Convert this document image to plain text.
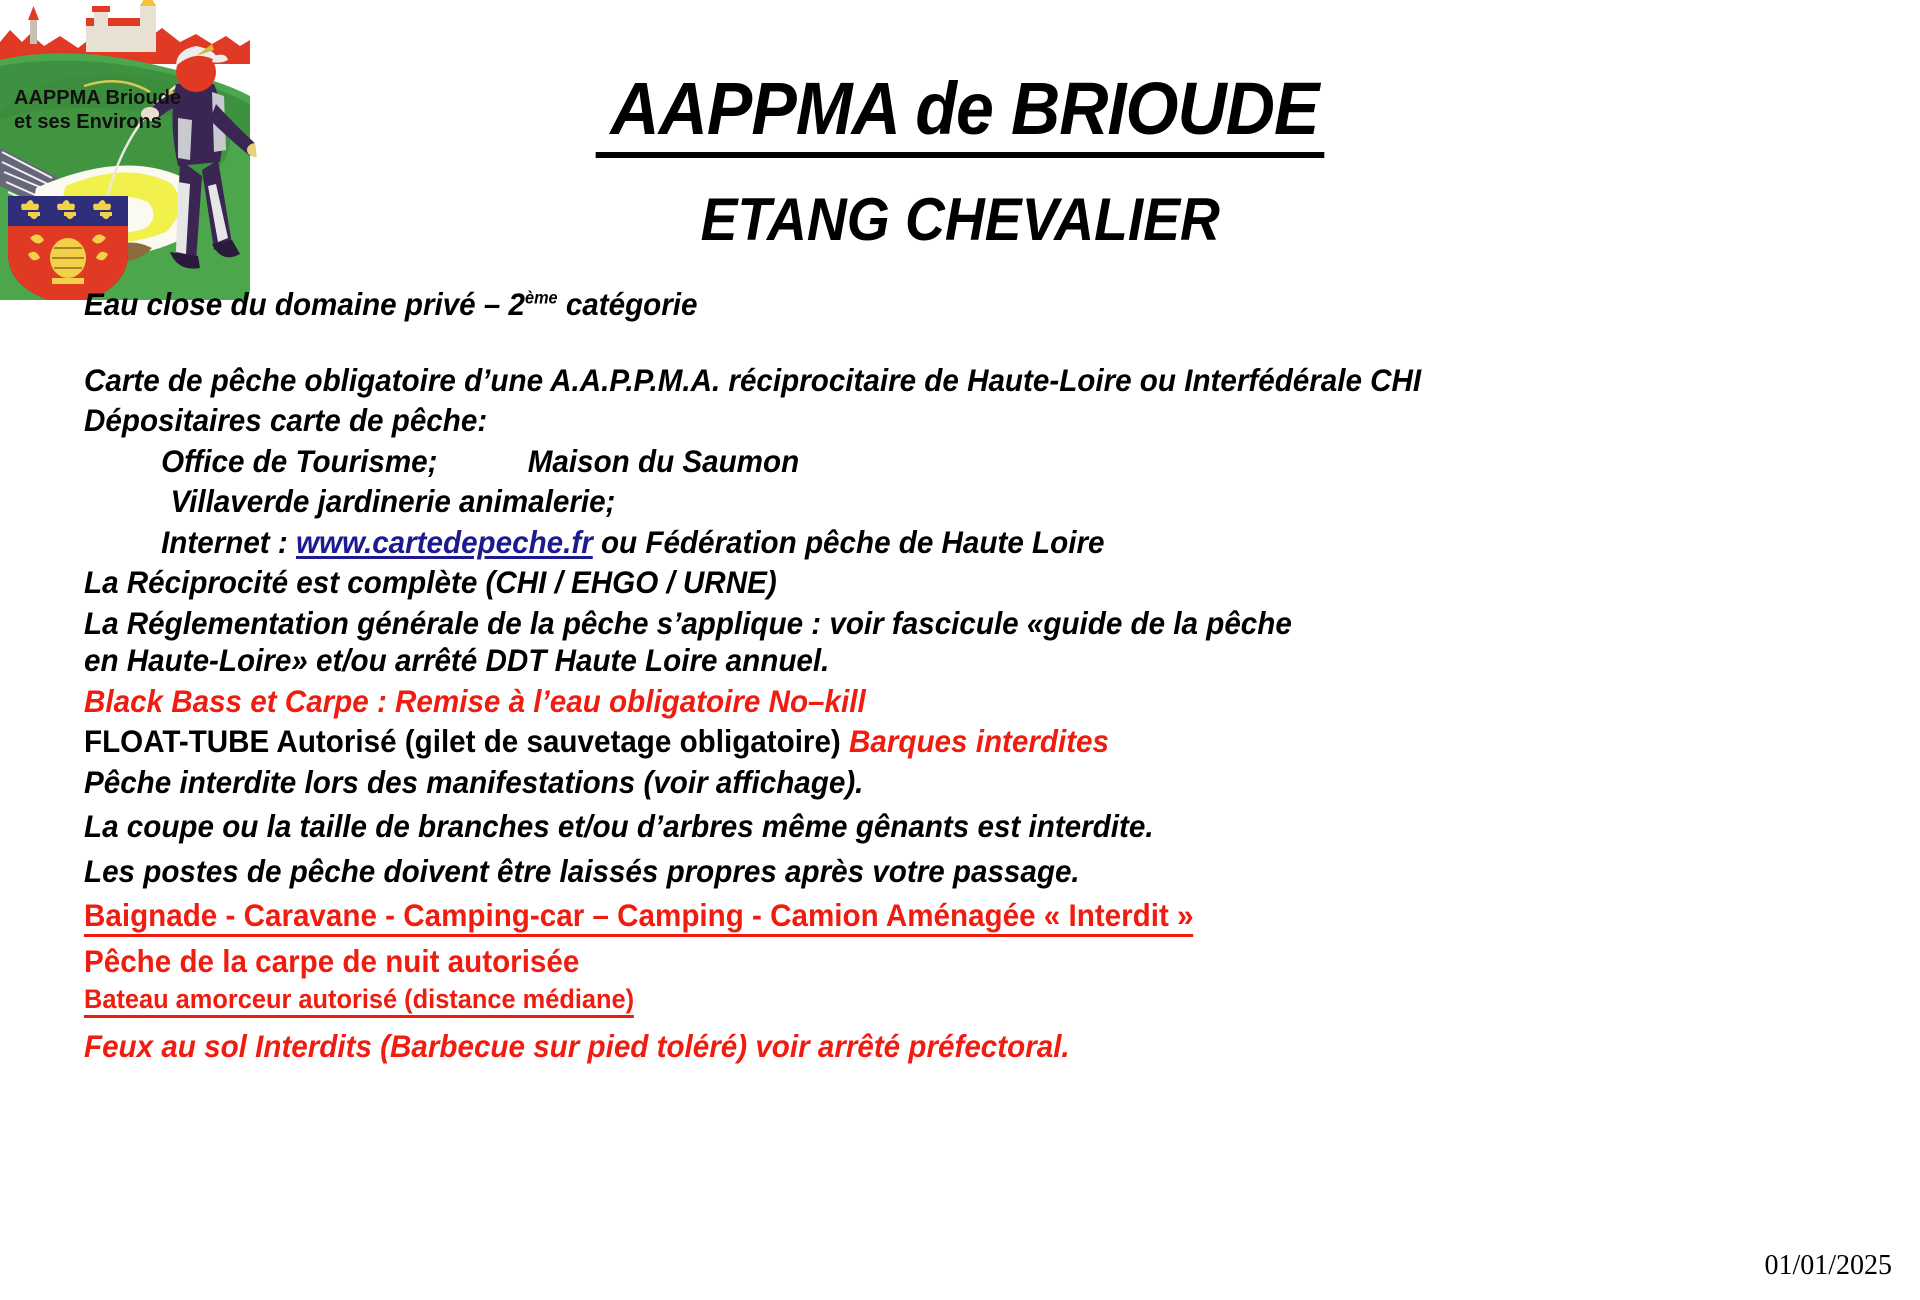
AAPPMA Brioude
et ses Environs	AAPPMA de BRIOUDE
ETANG CHEVALIER
Eau close du domaine privé – 2ème catégorie
Carte de pêche obligatoire d’une A.A.P.P.M.A. réciprocitaire de Haute-Loire ou Interfédérale CHI
Dépositaires carte de pêche:
Office de Tourisme;	Maison du Saumon
Villaverde jardinerie animalerie;
Internet : www.cartedepeche.fr ou Fédération pêche de Haute Loire
La Réciprocité est complète (CHI / EHGO / URNE)
La Réglementation générale de la pêche s’applique : voir fascicule «guide de la pêche
en Haute-Loire» et/ou arrêté DDT Haute Loire annuel.
Black Bass et Carpe : Remise à l’eau obligatoire No–kill
FLOAT-TUBE Autorisé (gilet de sauvetage obligatoire) Barques interdites
Pêche interdite lors des manifestations (voir affichage).
La coupe ou la taille de branches et/ou d’arbres même gênants est interdite.
Les postes de pêche doivent être laissés propres après votre passage.
Baignade - Caravane - Camping-car – Camping - Camion Aménagée « Interdit »
Pêche de la carpe de nuit autorisée
Bateau amorceur autorisé (distance médiane)
Feux au sol Interdits (Barbecue sur pied toléré) voir arrêté préfectoral.
01/01/2025
